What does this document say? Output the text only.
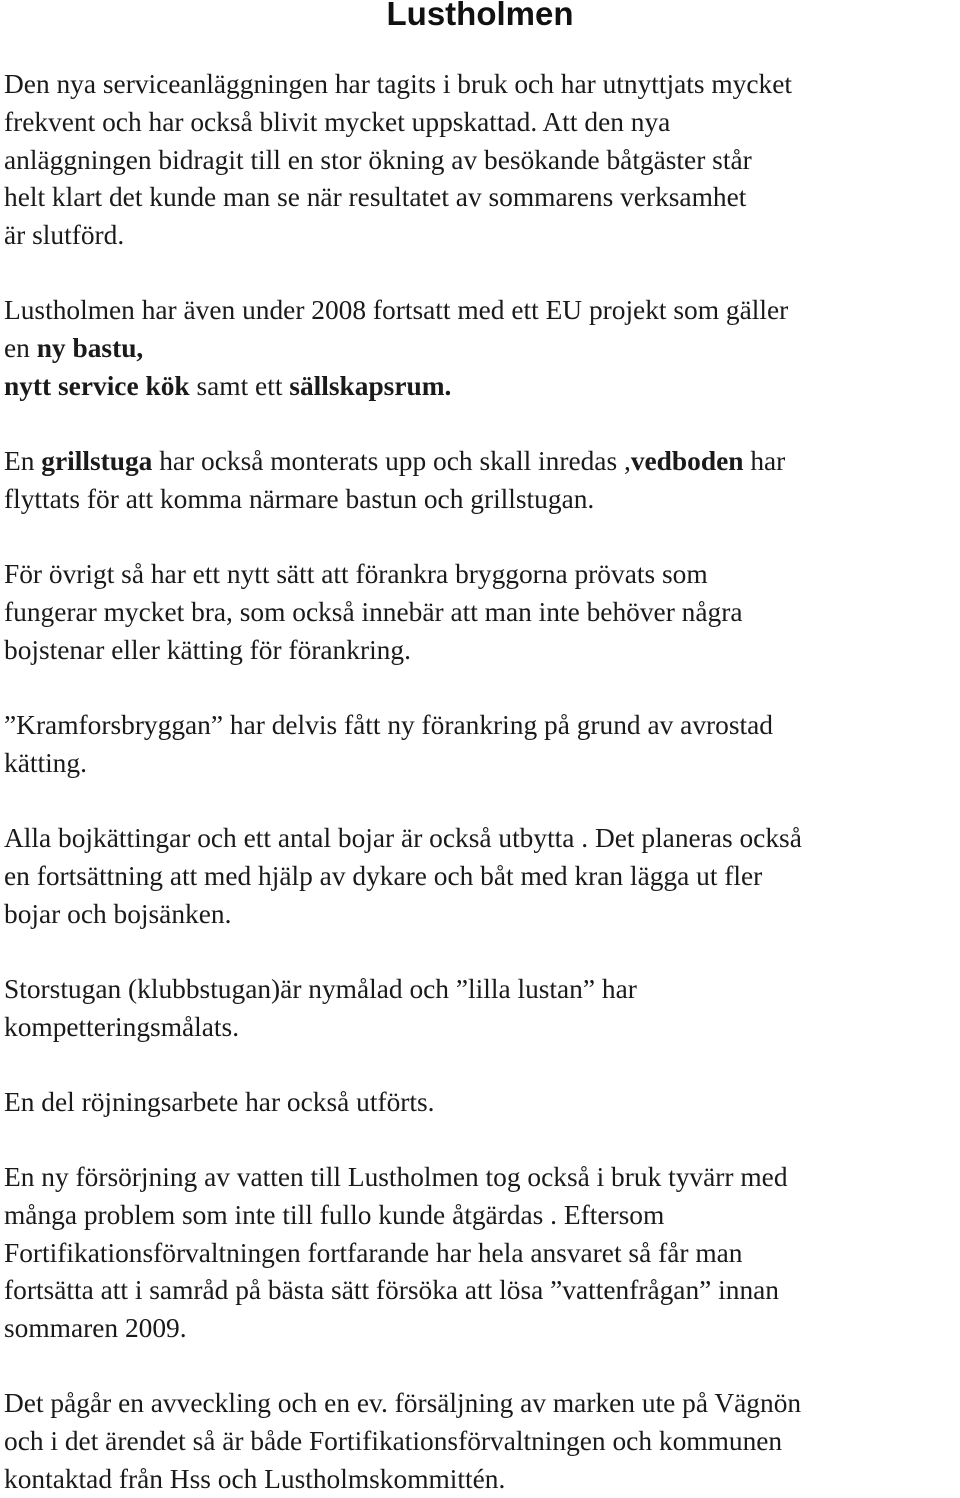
Lustholmen

Den nya serviceanläggningen har tagits i bruk och har utnyttjats mycket
frekvent och har också blivit mycket uppskattad. Att den nya
anläggningen bidragit till en stor ökning av besökande båtgäster står
helt klart det kunde man se när resultatet av sommarens verksamhet
är slutförd.

Lustholmen har även under 2008 fortsatt med ett EU projekt som gäller
en ny bastu,
nytt service kök samt ett sällskapsrum.

En grillstuga har också monterats upp och skall inredas ,vedboden har
flyttats för att komma närmare bastun och grillstugan.

För övrigt så har ett nytt sätt att förankra bryggorna prövats som
fungerar mycket bra, som också innebär att man inte behöver några
bojstenar eller kätting för förankring.

”Kramforsbryggan” har delvis fått ny förankring på grund av avrostad
kätting.

Alla bojkättingar och ett antal bojar är också utbytta . Det planeras också
en fortsättning att med hjälp av dykare och båt med kran lägga ut fler
bojar och bojsänken.

Storstugan (klubbstugan)är nymålad och ”lilla lustan” har
kompetteringsmålats.

En del röjningsarbete har också utförts.

En ny försörjning av vatten till Lustholmen tog också i bruk tyvärr med
många problem som inte till fullo kunde åtgärdas . Eftersom
Fortifikationsförvaltningen fortfarande har hela ansvaret så får man
fortsätta att i samråd på bästa sätt försöka att lösa ”vattenfrågan” innan
sommaren 2009.

Det pågår en avveckling och en ev. försäljning av marken ute på Vägnön
och i det ärendet så är både Fortifikationsförvaltningen och kommunen
kontaktad från Hss och Lustholmskommittén.
